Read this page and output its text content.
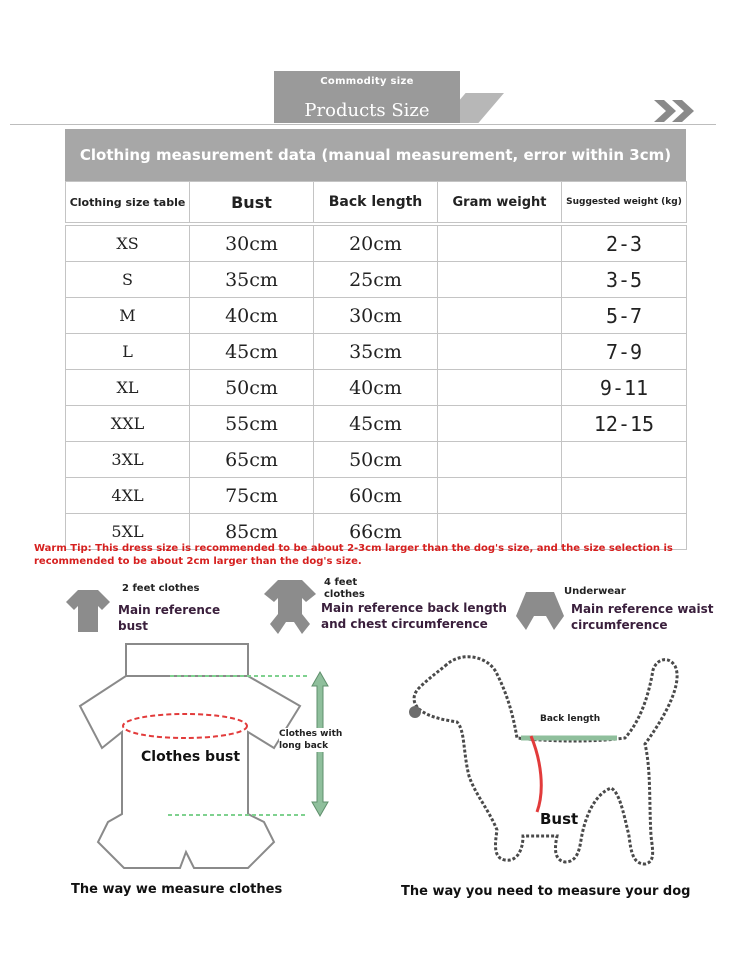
Commodity size
Products Size
Clothing measurement data (manual measurement, error within 3cm)
Clothing size table	Bust	Back length	Gram weight	Suggested weight (kg)

XS	30cm	20cm		2-3
S	35cm	25cm		3-5
M	40cm	30cm		5-7
L	45cm	35cm		7-9
XL	50cm	40cm		9-11
XXL	55cm	45cm		12-15
3XL	65cm	50cm		
4XL	75cm	60cm		
5XL	85cm	66cm		
Warm Tip: This dress size is recommended to be about 2-3cm larger than the dog's size, and the size selection is recommended to be about 2cm larger than the dog's size.
2 feet clothes
Main reference bust
4 feet clothes
Main reference back length and chest circumference
Underwear
Main reference waist circumference
Clothes with long back
Clothes bust
The way we measure clothes
Back length
Bust
The way you need to measure your dog
